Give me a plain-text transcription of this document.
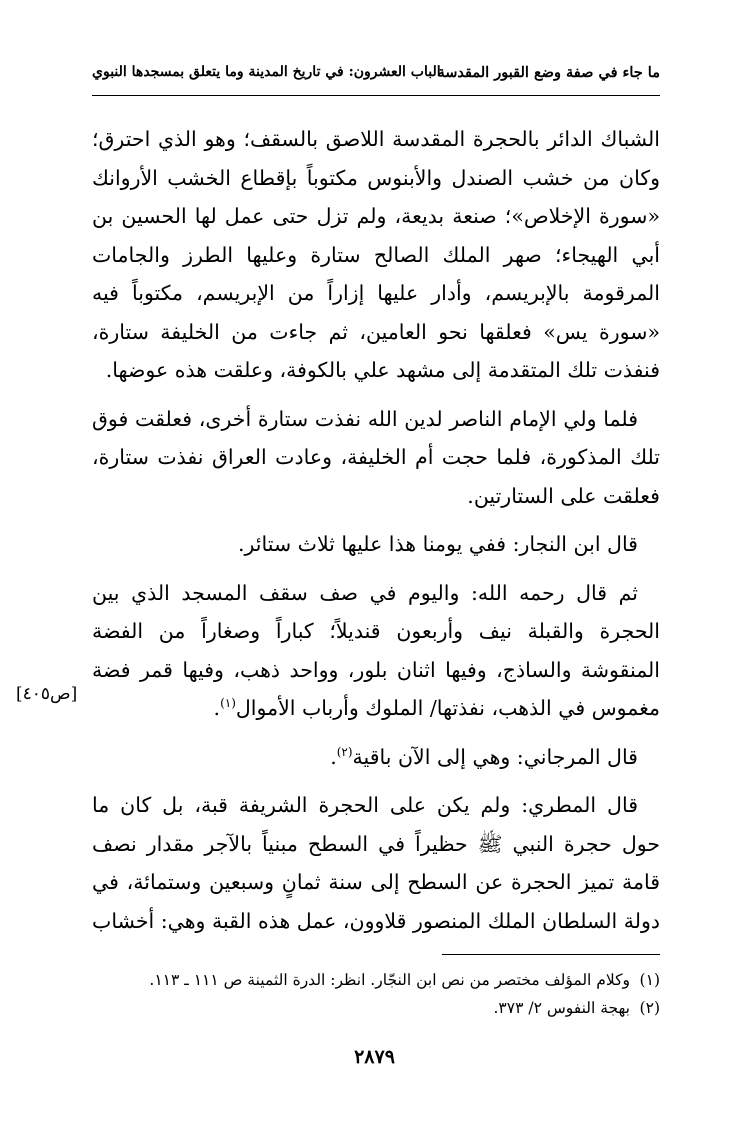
ما جاء في صفة وضع القبور المقدسة
الباب العشرون: في تاريخ المدينة وما يتعلق بمسجدها النبوي

الشباك الدائر بالحجرة المقدسة اللاصق بالسقف؛ وهو الذي احترق؛ وكان من خشب الصندل والأبنوس مكتوباً بإقطاع الخشب الأروانك «سورة الإخلاص»؛ صنعة بديعة، ولم تزل حتى عمل لها الحسين بن أبي الهيجاء؛ صهر الملك الصالح ستارة وعليها الطرز والجامات المرقومة بالإبريسم، وأدار عليها إزاراً من الإبريسم، مكتوباً فيه «سورة يس» فعلقها نحو العامين، ثم جاءت من الخليفة ستارة، فنفذت تلك المتقدمة إلى مشهد علي بالكوفة، وعلقت هذه عوضها.

فلما ولي الإمام الناصر لدين الله نفذت ستارة أخرى، فعلقت فوق تلك المذكورة، فلما حجت أم الخليفة، وعادت العراق نفذت ستارة، فعلقت على الستارتين.

قال ابن النجار: ففي يومنا هذا عليها ثلاث ستائر.

ثم قال رحمه الله: واليوم في صف سقف المسجد الذي بين الحجرة والقبلة نيف وأربعون قنديلاً؛ كباراً وصغاراً من الفضة المنقوشة والساذج، وفيها اثنان بلور، وواحد ذهب، وفيها قمر فضة مغموس في الذهب، نفذتها/ الملوك وأرباب الأموال$^{(١)}$.

قال المرجاني: وهي إلى الآن باقية$^{(٢)}$.

قال المطري: ولم يكن على الحجرة الشريفة قبة، بل كان ما حول حجرة النبي ﷺ حظيراً في السطح مبنياً بالآجر مقدار نصف قامة تميز الحجرة عن السطح إلى سنة ثمانٍ وسبعين وستمائة، في دولة السلطان الملك المنصور قلاوون، عمل هذه القبة وهي: أخشاب

[ص٤٠٥]

(١)وكلام المؤلف مختصر من نص ابن النجّار. انظر: الدرة الثمينة ص ١١١ ـ ١١٣.

(٢)بهجة النفوس ٢/ ٣٧٣.

٢٨٧٩
